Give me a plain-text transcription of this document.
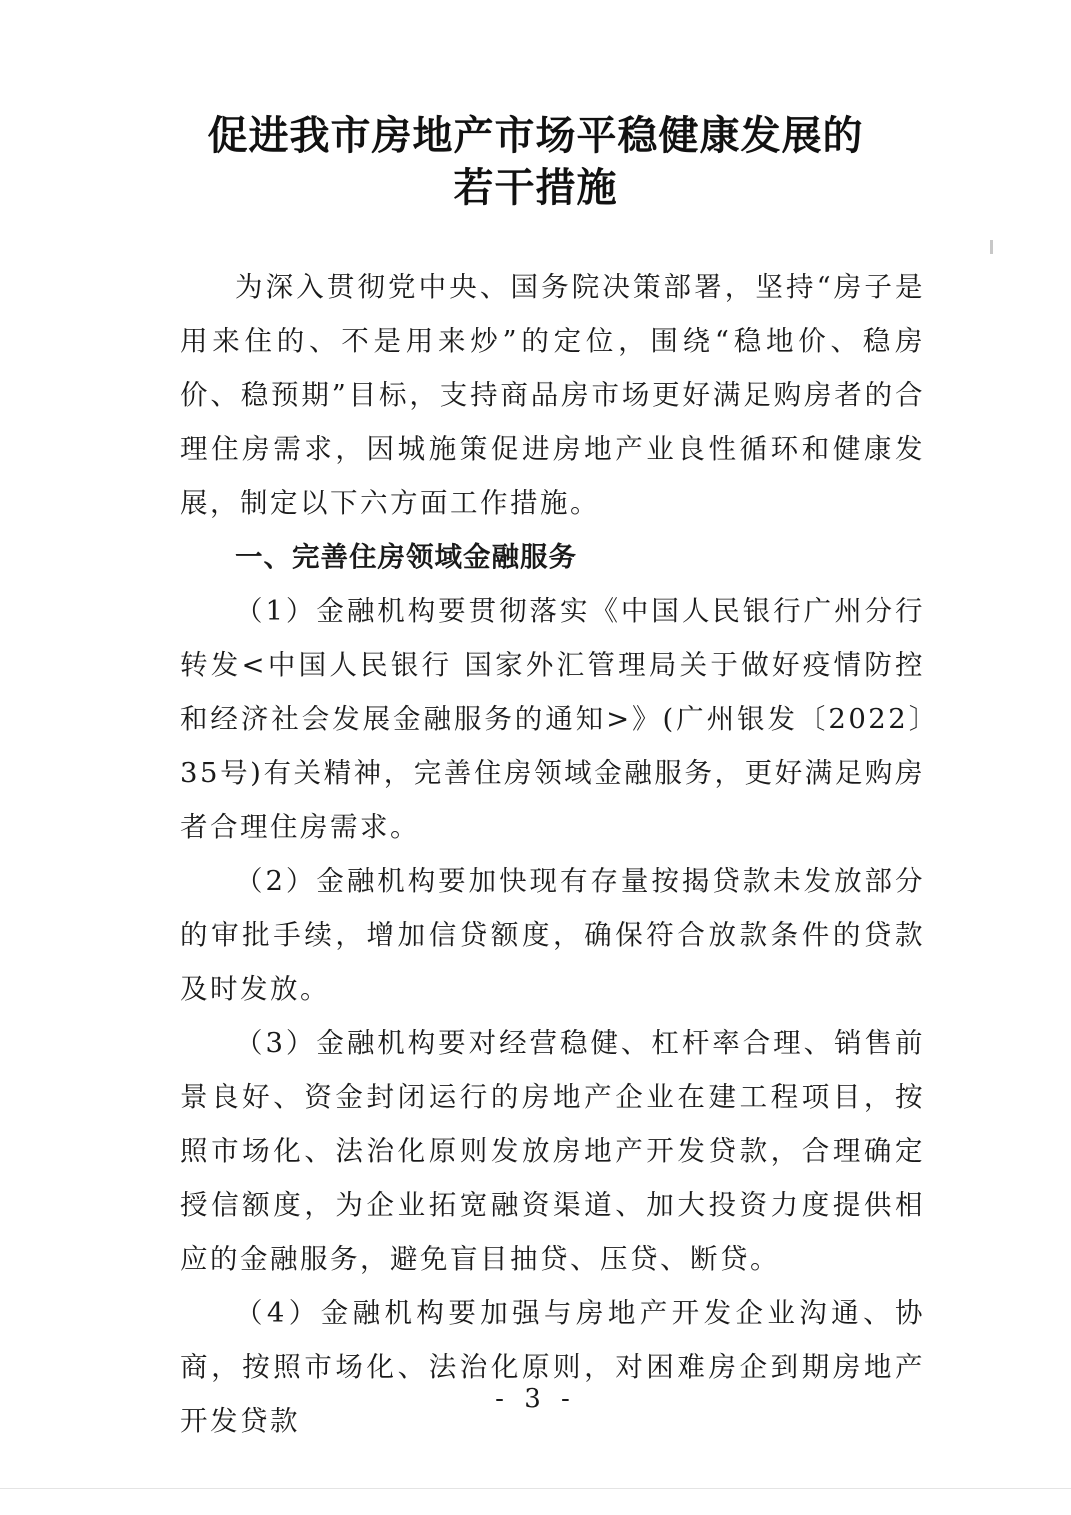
促进我市房地产市场平稳健康发展的
若干措施

为深入贯彻党中央、国务院决策部署，坚持“房子是用来住的、不是用来炒”的定位，围绕“稳地价、稳房价、稳预期”目标，支持商品房市场更好满足购房者的合理住房需求，因城施策促进房地产业良性循环和健康发展，制定以下六方面工作措施。

一、完善住房领域金融服务

（1）金融机构要贯彻落实《中国人民银行广州分行转发<中国人民银行 国家外汇管理局关于做好疫情防控和经济社会发展金融服务的通知>》(广州银发〔2022〕35号)有关精神，完善住房领域金融服务，更好满足购房者合理住房需求。

（2）金融机构要加快现有存量按揭贷款未发放部分的审批手续，增加信贷额度，确保符合放款条件的贷款及时发放。

（3）金融机构要对经营稳健、杠杆率合理、销售前景良好、资金封闭运行的房地产企业在建工程项目，按照市场化、法治化原则发放房地产开发贷款，合理确定授信额度，为企业拓宽融资渠道、加大投资力度提供相应的金融服务，避免盲目抽贷、压贷、断贷。

（4）金融机构要加强与房地产开发企业沟通、协商，按照市场化、法治化原则，对困难房企到期房地产开发贷款

- 3 -
